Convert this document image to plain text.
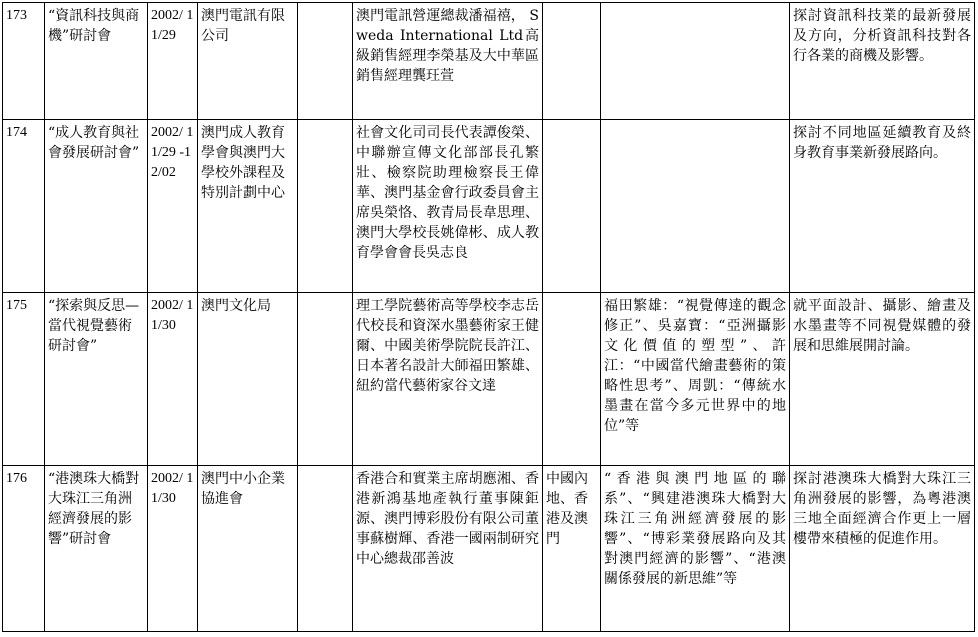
173	“資訊科技與商機”研討會	2002/ 11/29	澳門電訊有限公司		澳門電訊營運總裁潘福禧， Sweda International Ltd高級銷售經理李榮基及大中華區銷售經理龔玨萱			探討資訊科技業的最新發展及方向，分析資訊科技對各行各業的商機及影響。
174	“成人教育與社會發展研討會”	2002/ 11/29 -12/02	澳門成人教育學會與澳門大學校外課程及特別計劃中心		社會文化司司長代表譚俊榮、中聯辦宣傳文化部部長孔繁壯、檢察院助理檢察長王偉華、澳門基金會行政委員會主席吳榮恪、教青局長韋思理、澳門大學校長姚偉彬、成人教育學會會長吳志良			探討不同地區延續教育及終身教育事業新發展路向。
175	“探索與反思—當代視覺藝術研討會”	2002/ 11/30	澳門文化局		理工學院藝術高等學校李志岳代校長和資深水墨藝術家王健爾、中國美術學院院長許江、日本著名設計大師福田繁雄、紐約當代藝術家谷文達		福田繁雄：“視覺傳達的觀念修正”、吳嘉寶：“亞洲攝影文化價值的塑型”、許江：“中國當代繪畫藝術的策略性思考”、周凱：“傳統水墨畫在當今多元世界中的地位”等	就平面設計、攝影、繪畫及水墨畫等不同視覺媒體的發展和思維展開討論。
176	“港澳珠大橋對大珠江三角洲經濟發展的影響”研討會	2002/ 11/30	澳門中小企業協進會		香港合和實業主席胡應湘、香港新鴻基地產執行董事陳鉅源、澳門博彩股份有限公司董事蘇樹輝、香港一國兩制研究中心總裁邵善波	中國內地、香港及澳門	“香港與澳門地區的聯系”、“興建港澳珠大橋對大珠江三角洲經濟發展的影響”、“博彩業發展路向及其對澳門經濟的影響”、“港澳關係發展的新思維”等	探討港澳珠大橋對大珠江三角洲發展的影響，為粵港澳三地全面經濟合作更上一層樓帶來積極的促進作用。
